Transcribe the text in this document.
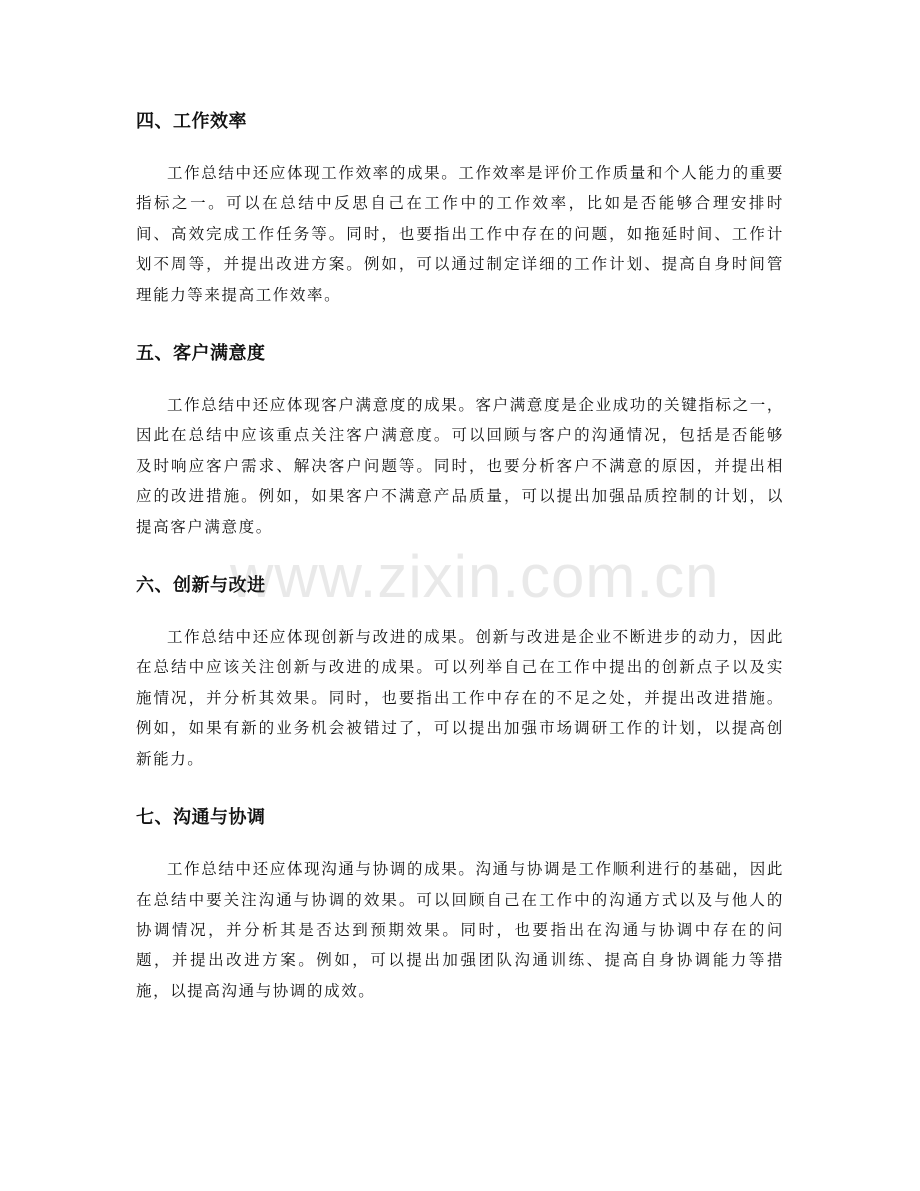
四、工作效率

工作总结中还应体现工作效率的成果。工作效率是评价工作质量和个人能力的重要指标之一。可以在总结中反思自己在工作中的工作效率，比如是否能够合理安排时间、高效完成工作任务等。同时，也要指出工作中存在的问题，如拖延时间、工作计划不周等，并提出改进方案。例如，可以通过制定详细的工作计划、提高自身时间管理能力等来提高工作效率。

五、客户满意度

工作总结中还应体现客户满意度的成果。客户满意度是企业成功的关键指标之一，因此在总结中应该重点关注客户满意度。可以回顾与客户的沟通情况，包括是否能够及时响应客户需求、解决客户问题等。同时，也要分析客户不满意的原因，并提出相应的改进措施。例如，如果客户不满意产品质量，可以提出加强品质控制的计划，以提高客户满意度。

六、创新与改进

工作总结中还应体现创新与改进的成果。创新与改进是企业不断进步的动力，因此在总结中应该关注创新与改进的成果。可以列举自己在工作中提出的创新点子以及实施情况，并分析其效果。同时，也要指出工作中存在的不足之处，并提出改进措施。例如，如果有新的业务机会被错过了，可以提出加强市场调研工作的计划，以提高创新能力。

七、沟通与协调

工作总结中还应体现沟通与协调的成果。沟通与协调是工作顺利进行的基础，因此在总结中要关注沟通与协调的效果。可以回顾自己在工作中的沟通方式以及与他人的协调情况，并分析其是否达到预期效果。同时，也要指出在沟通与协调中存在的问题，并提出改进方案。例如，可以提出加强团队沟通训练、提高自身协调能力等措施，以提高沟通与协调的成效。

www.zixin.com.cn
